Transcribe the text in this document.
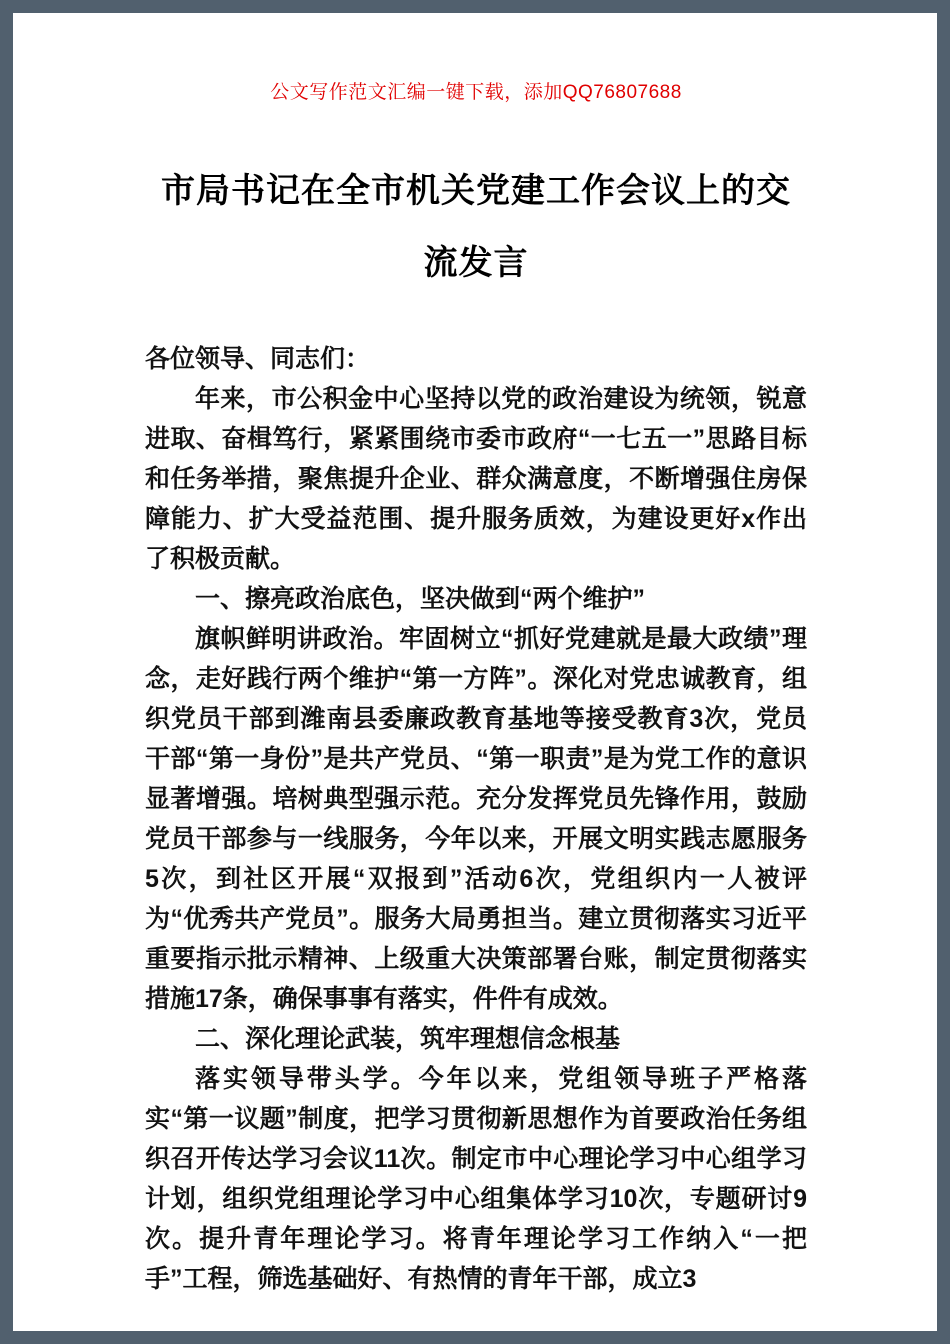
公文写作范文汇编一键下载，添加QQ76807688
市局书记在全市机关党建工作会议上的交
流发言

各位领导、同志们：

年来，市公积金中心坚持以党的政治建设为统领，锐意进取、奋楫笃行，紧紧围绕市委市政府“一七五一”思路目标和任务举措，聚焦提升企业、群众满意度，不断增强住房保障能力、扩大受益范围、提升服务质效，为建设更好x作出了积极贡献。

一、擦亮政治底色，坚决做到“两个维护”

旗帜鲜明讲政治。牢固树立“抓好党建就是最大政绩”理念，走好践行两个维护“第一方阵”。深化对党忠诚教育，组织党员干部到潍南县委廉政教育基地等接受教育3次，党员干部“第一身份”是共产党员、“第一职责”是为党工作的意识显著增强。培树典型强示范。充分发挥党员先锋作用，鼓励党员干部参与一线服务，今年以来，开展文明实践志愿服务5次，到社区开展“双报到”活动6次，党组织内一人被评为“优秀共产党员”。服务大局勇担当。建立贯彻落实习近平重要指示批示精神、上级重大决策部署台账，制定贯彻落实措施17条，确保事事有落实，件件有成效。

二、深化理论武装，筑牢理想信念根基

落实领导带头学。今年以来，党组领导班子严格落实“第一议题”制度，把学习贯彻新思想作为首要政治任务组织召开传达学习会议11次。制定市中心理论学习中心组学习计划，组织党组理论学习中心组集体学习10次，专题研讨9次。提升青年理论学习。将青年理论学习工作纳入“一把手”工程，筛选基础好、有热情的青年干部，成立3
